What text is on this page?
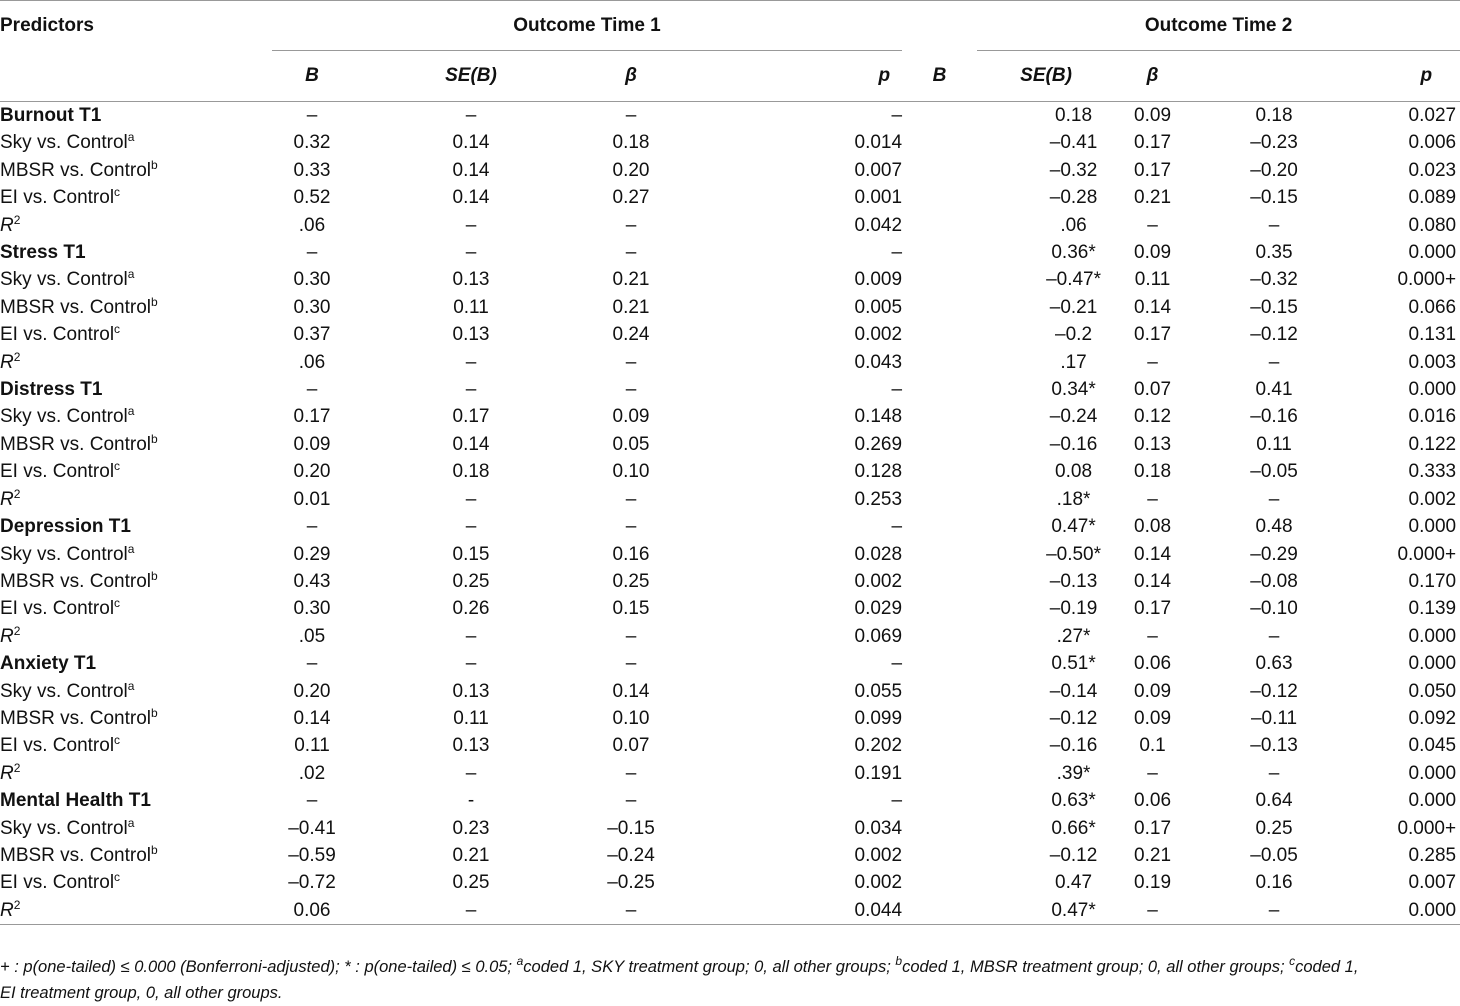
Predictors	Outcome Time 1					Outcome Time 2			

	B	SE(B)	β	p	B	SE(B)	β		p
Burnout T1	–	–	–	–		0.18	0.09	0.18	0.027
Sky vs. Control$^a$	0.32	0.14	0.18	0.014		–0.41	0.17	–0.23	0.006
MBSR vs. Control$^b$	0.33	0.14	0.20	0.007		–0.32	0.17	–0.20	0.023
EI vs. Control$^c$	0.52	0.14	0.27	0.001		–0.28	0.21	–0.15	0.089
$R^2$	.06	–	–	0.042		.06	–	–	0.080
Stress T1	–	–	–	–		0.36*	0.09	0.35	0.000
Sky vs. Control$^a$	0.30	0.13	0.21	0.009		–0.47*	0.11	–0.32	0.000+
MBSR vs. Control$^b$	0.30	0.11	0.21	0.005		–0.21	0.14	–0.15	0.066
EI vs. Control$^c$	0.37	0.13	0.24	0.002		–0.2	0.17	–0.12	0.131
$R^2$	.06	–	–	0.043		.17	–	–	0.003
Distress T1	–	–	–	–		0.34*	0.07	0.41	0.000
Sky vs. Control$^a$	0.17	0.17	0.09	0.148		–0.24	0.12	–0.16	0.016
MBSR vs. Control$^b$	0.09	0.14	0.05	0.269		–0.16	0.13	0.11	0.122
EI vs. Control$^c$	0.20	0.18	0.10	0.128		0.08	0.18	–0.05	0.333
$R^2$	0.01	–	–	0.253		.18*	–	–	0.002
Depression T1	–	–	–	–		0.47*	0.08	0.48	0.000
Sky vs. Control$^a$	0.29	0.15	0.16	0.028		–0.50*	0.14	–0.29	0.000+
MBSR vs. Control$^b$	0.43	0.25	0.25	0.002		–0.13	0.14	–0.08	0.170
EI vs. Control$^c$	0.30	0.26	0.15	0.029		–0.19	0.17	–0.10	0.139
$R^2$	.05	–	–	0.069		.27*	–	–	0.000
Anxiety T1	–	–	–	–		0.51*	0.06	0.63	0.000
Sky vs. Control$^a$	0.20	0.13	0.14	0.055		–0.14	0.09	–0.12	0.050
MBSR vs. Control$^b$	0.14	0.11	0.10	0.099		–0.12	0.09	–0.11	0.092
EI vs. Control$^c$	0.11	0.13	0.07	0.202		–0.16	0.1	–0.13	0.045
$R^2$	.02	–	–	0.191		.39*	–	–	0.000
Mental Health T1	–	-	–	–		0.63*	0.06	0.64	0.000
Sky vs. Control$^a$	–0.41	0.23	–0.15	0.034		0.66*	0.17	0.25	0.000+
MBSR vs. Control$^b$	–0.59	0.21	–0.24	0.002		–0.12	0.21	–0.05	0.285
EI vs. Control$^c$	–0.72	0.25	–0.25	0.002		0.47	0.19	0.16	0.007
$R^2$	0.06	–	–	0.044		0.47*	–	–	0.000
+ : p(one-tailed) ≤ 0.000 (Bonferroni-adjusted); * : p(one-tailed) ≤ 0.05; $^a$coded 1, SKY treatment group; 0, all other groups; $^b$coded 1, MBSR treatment group; 0, all other groups; $^c$coded 1,
EI treatment group, 0, all other groups.
